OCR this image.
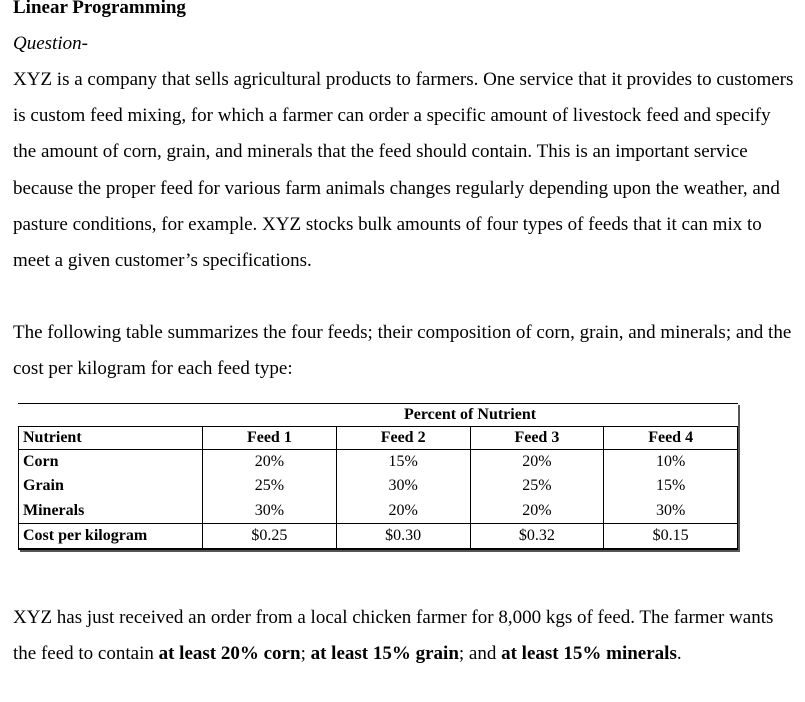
Linear Programming
Question-
XYZ is a company that sells agricultural products to farmers. One service that it provides to customers is custom feed mixing, for which a farmer can order a specific amount of livestock feed and specify the amount of corn, grain, and minerals that the feed should contain. This is an important service because the proper feed for various farm animals changes regularly depending upon the weather, and pasture conditions, for example. XYZ stocks bulk amounts of four types of feeds that it can mix to meet a given customer’s specifications.
The following table summarizes the four feeds; their composition of corn, grain, and minerals; and the cost per kilogram for each feed type:
	Percent of Nutrient			
Nutrient	Feed 1	Feed 2	Feed 3	Feed 4
Corn	20%	15%	20%	10%
Grain	25%	30%	25%	15%
Minerals	30%	20%	20%	30%
Cost per kilogram	$0.25	$0.30	$0.32	$0.15
XYZ has just received an order from a local chicken farmer for 8,000 kgs of feed. The farmer wants the feed to contain at least 20% corn; at least 15% grain; and at least 15% minerals.
